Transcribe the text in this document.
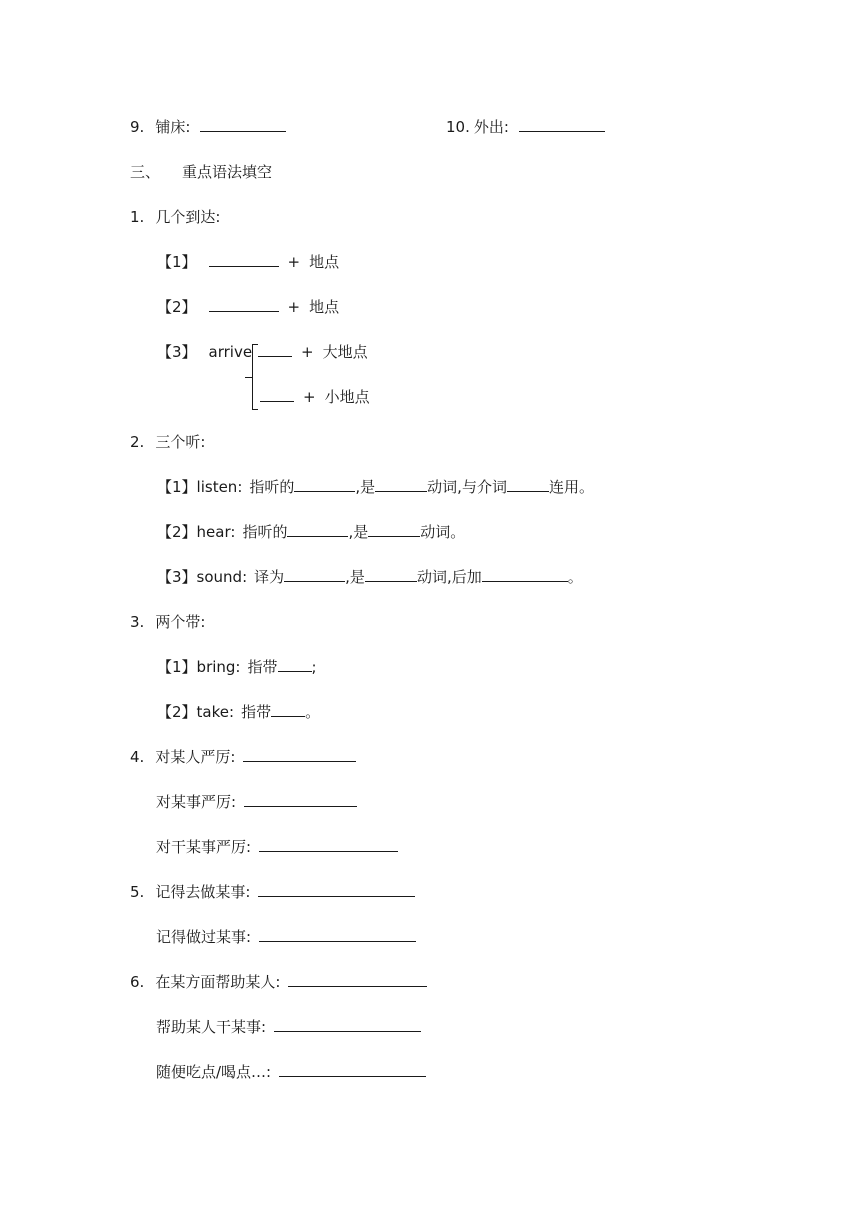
9. 铺床:	10. 外出:
三、 重点语法填空
1. 几个到达:
【1】	+ 地点
【2】	+ 地点
【3】 arrive	+ 大地点
+ 小地点
2. 三个听:
【1】listen: 指听的	,是	动词,与介词	连用。
【2】hear: 指听的	,是	动词。
【3】sound: 译为	,是	动词,后加	。
3. 两个带:
【1】bring: 指带 ;
【2】take: 指带 。
4. 对某人严厉:
对某事严厉:
对干某事严厉:
5. 记得去做某事:
记得做过某事:
6. 在某方面帮助某人:
帮助某人干某事:
随便吃点/喝点…:
